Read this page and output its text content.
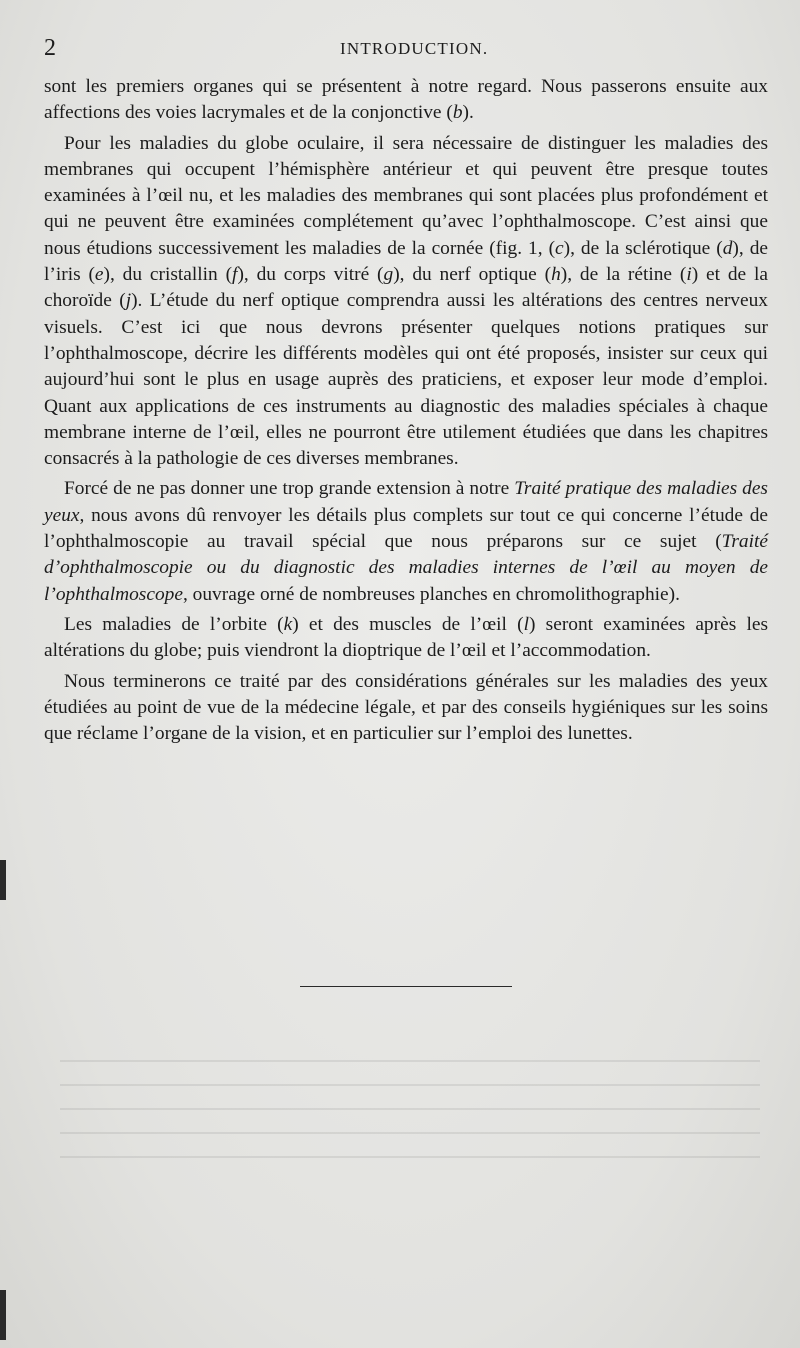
2	INTRODUCTION.

sont les premiers organes qui se présentent à notre regard. Nous passerons ensuite aux affections des voies lacrymales et de la conjonctive (b).

Pour les maladies du globe oculaire, il sera nécessaire de distinguer les maladies des membranes qui occupent l’hémisphère antérieur et qui peuvent être presque toutes examinées à l’œil nu, et les maladies des membranes qui sont placées plus profondément et qui ne peuvent être examinées complétement qu’avec l’ophthalmoscope. C’est ainsi que nous étudions successivement les maladies de la cornée (fig. 1, (c), de la sclérotique (d), de l’iris (e), du cristallin (f), du corps vitré (g), du nerf optique (h), de la rétine (i) et de la choroïde (j). L’étude du nerf optique comprendra aussi les altérations des centres nerveux visuels. C’est ici que nous devrons présenter quelques notions pratiques sur l’ophthalmoscope, décrire les différents modèles qui ont été proposés, insister sur ceux qui aujourd’hui sont le plus en usage auprès des praticiens, et exposer leur mode d’emploi. Quant aux applications de ces instruments au diagnostic des maladies spéciales à chaque membrane interne de l’œil, elles ne pourront être utilement étudiées que dans les chapitres consacrés à la pathologie de ces diverses membranes.

Forcé de ne pas donner une trop grande extension à notre Traité pratique des maladies des yeux, nous avons dû renvoyer les détails plus complets sur tout ce qui concerne l’étude de l’ophthalmoscopie au travail spécial que nous préparons sur ce sujet (Traité d’ophthalmoscopie ou du diagnostic des maladies internes de l’œil au moyen de l’ophthalmoscope, ouvrage orné de nombreuses planches en chromolithographie).

Les maladies de l’orbite (k) et des muscles de l’œil (l) seront examinées après les altérations du globe; puis viendront la dioptrique de l’œil et l’accommodation.

Nous terminerons ce traité par des considérations générales sur les maladies des yeux étudiées au point de vue de la médecine légale, et par des conseils hygiéniques sur les soins que réclame l’organe de la vision, et en particulier sur l’emploi des lunettes.
